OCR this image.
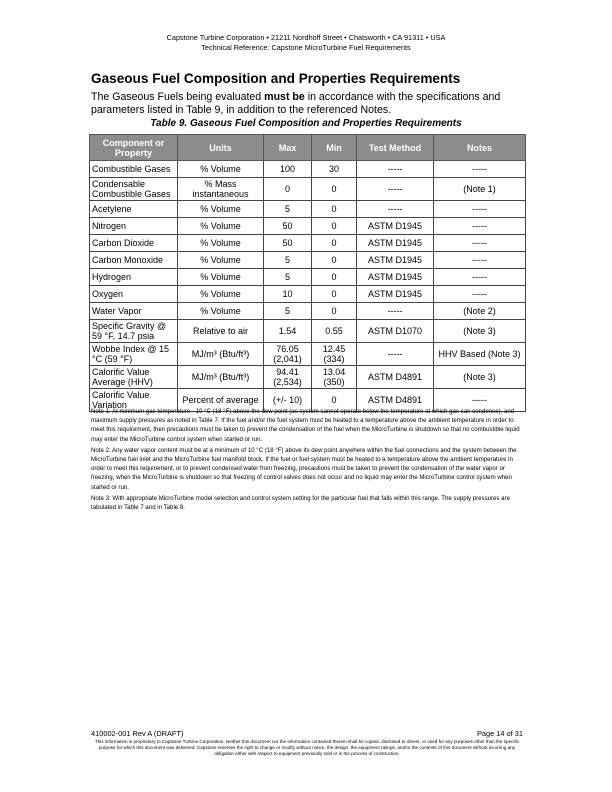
Capstone Turbine Corporation • 21211 Nordhoff Street • Chatsworth • CA 91311 • USA
Technical Reference: Capstone MicroTurbine Fuel Requirements
Gaseous Fuel Composition and Properties Requirements

The Gaseous Fuels being evaluated must be in accordance with the specifications and parameters listed in Table 9, in addition to the referenced Notes.

Table 9. Gaseous Fuel Composition and Properties Requirements
Component or Property	Units	Max	Min	Test Method	Notes
Combustible Gases	% Volume	100	30	-----	-----
Condensable Combustible Gases	% Mass instantaneous	0	0	-----	(Note 1)
Acetylene	% Volume	5	0	-----	-----
Nitrogen	% Volume	50	0	ASTM D1945	-----
Carbon Dioxide	% Volume	50	0	ASTM D1945	-----
Carbon Monoxide	% Volume	5	0	ASTM D1945	-----
Hydrogen	% Volume	5	0	ASTM D1945	-----
Oxygen	% Volume	10	0	ASTM D1945	-----
Water Vapor	% Volume	5	0	-----	(Note 2)
Specific Gravity @ 59 °F, 14.7 psia	Relative to air	1.54	0.55	ASTM D1070	(Note 3)
Wobbe Index @ 15 °C (59 °F)	MJ/m³ (Btu/ft³)	76.05 (2,041)	12.45 (334)	-----	HHV Based (Note 3)
Calorific Value Average (HHV)	MJ/m³ (Btu/ft³)	94.41 (2,534)	13.04 (350)	ASTM D4891	(Note 3)
Calorific Value Variation	Percent of average	(+/- 10)	0	ASTM D4891	-----

Note 1: At minimum gas temperature - 10 °C (18 °F) above the dew point (as system cannot operate below the temperature at which gas can condense), and maximum supply pressures as noted in Table 7. If the fuel and/or the fuel system must be heated to a temperature above the ambient temperature in order to meet this requirement, then precautions must be taken to prevent the condensation of the fuel when the MicroTurbine is shutdown so that no combustible liquid may enter the MicroTurbine control system when started or run.

Note 2: Any water vapor content must be at a minimum of 10 °C (18 °F) above its dew point anywhere within the fuel connections and the system between the MicroTurbine fuel inlet and the MicroTurbine fuel manifold block. If the fuel or fuel system must be heated to a temperature above the ambient temperature in order to meet this requirement, or to prevent condensed water from freezing, precautions must be taken to prevent the condensation of the water vapor or freezing, when the MicroTurbine is shutdown so that freezing of control valves does not occur and no liquid may enter the MicroTurbine control system when started or run.

Note 3: With appropriate MicroTurbine model selection and control system setting for the particular fuel that falls within this range. The supply pressures are tabulated in Table 7 and in Table 8.

410002-001 Rev A (DRAFT)	Page 14 of 31
This information is proprietary to Capstone Turbine Corporation. Neither this document nor the information contained therein shall be copied, disclosed to others, or used for any purposes other than the specific purpose for which this document was delivered. Capstone reserves the right to change or modify without notice, the design, the equipment ratings, and/or the contents of this document without incurring any obligation either with respect to equipment previously sold or in the process of construction.
